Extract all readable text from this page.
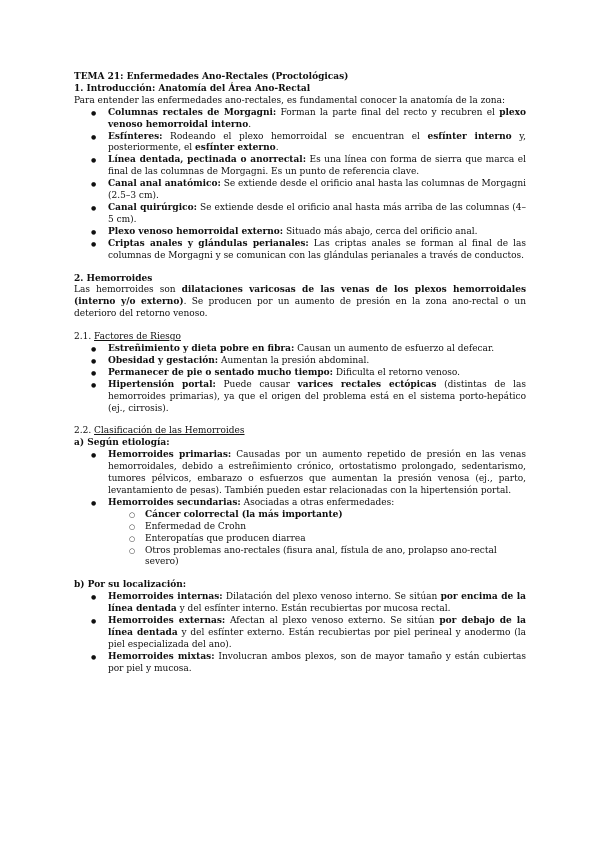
TEMA 21: Enfermedades Ano-Rectales (Proctológicas)

1. Introducción: Anatomía del Área Ano-Rectal

Para entender las enfermedades ano-rectales, es fundamental conocer la anatomía de la zona:

● Columnas rectales de Morgagni: Forman la parte final del recto y recubren el plexo venoso hemorroidal interno.
● Esfínteres: Rodeando el plexo hemorroidal se encuentran el esfínter interno y, posteriormente, el esfínter externo.
● Línea dentada, pectinada o anorrectal: Es una línea con forma de sierra que marca el final de las columnas de Morgagni. Es un punto de referencia clave.
● Canal anal anatómico: Se extiende desde el orificio anal hasta las columnas de Morgagni (2.5–3 cm).
● Canal quirúrgico: Se extiende desde el orificio anal hasta más arriba de las columnas (4–5 cm).
● Plexo venoso hemorroidal externo: Situado más abajo, cerca del orificio anal.
● Criptas anales y glándulas perianales: Las criptas anales se forman al final de las columnas de Morgagni y se comunican con las glándulas perianales a través de conductos.

2. Hemorroides

Las hemorroides son dilataciones varicosas de las venas de los plexos hemorroidales (interno y/o externo). Se producen por un aumento de presión en la zona ano-rectal o un deterioro del retorno venoso.

2.1. Factores de Riesgo

● Estreñimiento y dieta pobre en fibra: Causan un aumento de esfuerzo al defecar.
● Obesidad y gestación: Aumentan la presión abdominal.
● Permanecer de pie o sentado mucho tiempo: Dificulta el retorno venoso.
● Hipertensión portal: Puede causar varices rectales ectópicas (distintas de las hemorroides primarias), ya que el origen del problema está en el sistema porto-hepático (ej., cirrosis).

2.2. Clasificación de las Hemorroides

a) Según etiología:

● Hemorroides primarias: Causadas por un aumento repetido de presión en las venas hemorroidales, debido a estreñimiento crónico, ortostatismo prolongado, sedentarismo, tumores pélvicos, embarazo o esfuerzos que aumentan la presión venosa (ej., parto, levantamiento de pesas). También pueden estar relacionadas con la hipertensión portal.
● Hemorroides secundarias: Asociadas a otras enfermedades:
○ Cáncer colorrectal (la más importante)
○ Enfermedad de Crohn
○ Enteropatías que producen diarrea
○ Otros problemas ano-rectales (fisura anal, fístula de ano, prolapso ano-rectal severo)

b) Por su localización:

● Hemorroides internas: Dilatación del plexo venoso interno. Se sitúan por encima de la línea dentada y del esfínter interno. Están recubiertas por mucosa rectal.
● Hemorroides externas: Afectan al plexo venoso externo. Se sitúan por debajo de la línea dentada y del esfínter externo. Están recubiertas por piel perineal y anodermo (la piel especializada del ano).
● Hemorroides mixtas: Involucran ambos plexos, son de mayor tamaño y están cubiertas por piel y mucosa.
